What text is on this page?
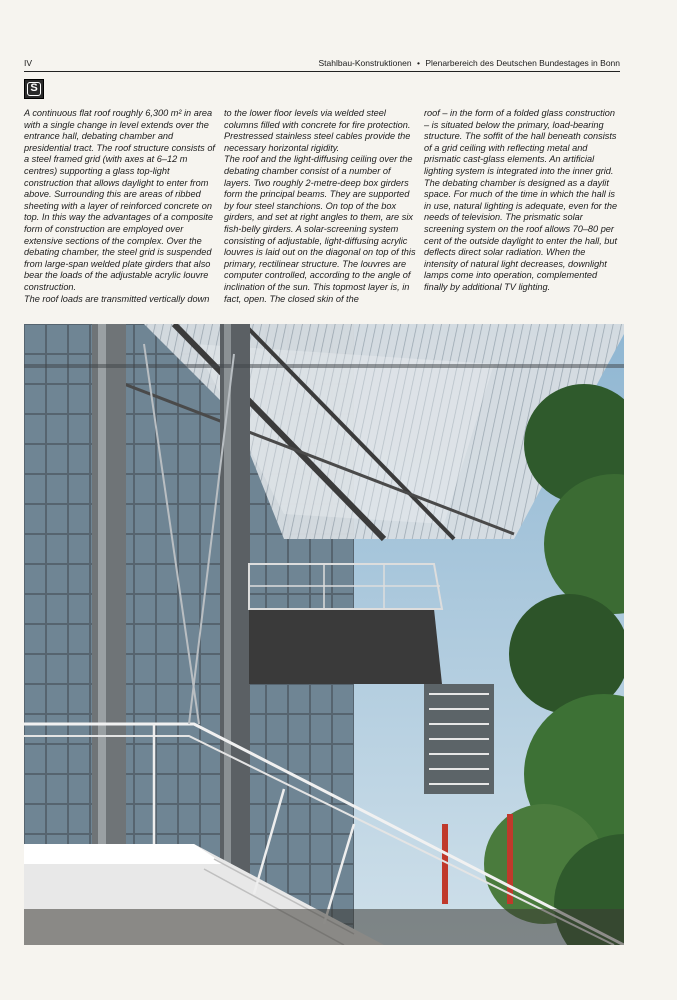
IV	Stahlbau-Konstruktionen • Plenarbereich des Deutschen Bundestages in Bonn
S

A continuous flat roof roughly 6,300 m² in area with a single change in level extends over the entrance hall, debating chamber and presidential tract. The roof structure consists of a steel framed grid (with axes at 6–12 m centres) supporting a glass top-light construction that allows daylight to enter from above. Surrounding this are areas of ribbed sheeting with a layer of reinforced concrete on top. In this way the advantages of a composite form of construction are employed over extensive sections of the complex. Over the debating chamber, the steel grid is suspended from large-span welded plate girders that also bear the loads of the adjustable acrylic louvre construction.

The roof loads are transmitted vertically down

to the lower floor levels via welded steel columns filled with concrete for fire protection. Prestressed stainless steel cables provide the necessary horizontal rigidity.

The roof and the light-diffusing ceiling over the debating chamber consist of a number of layers. Two roughly 2-metre-deep box girders form the principal beams. They are supported by four steel stanchions. On top of the box girders, and set at right angles to them, are six fish-belly girders. A solar-screening system consisting of adjustable, light-diffusing acrylic louvres is laid out on the diagonal on top of this primary, rectilinear structure. The louvres are computer controlled, according to the angle of inclination of the sun. This topmost layer is, in fact, open. The closed skin of the

roof – in the form of a folded glass construction – is situated below the primary, load-bearing structure. The soffit of the hall beneath consists of a grid ceiling with reflecting metal and prismatic cast-glass elements. An artificial lighting system is integrated into the inner grid.

The debating chamber is designed as a daylit space. For much of the time in which the hall is in use, natural lighting is adequate, even for the needs of television. The prismatic solar screening system on the roof allows 70–80 per cent of the outside daylight to enter the hall, but deflects direct solar radiation. When the intensity of natural light decreases, downlight lamps come into operation, complemented finally by additional TV lighting.
